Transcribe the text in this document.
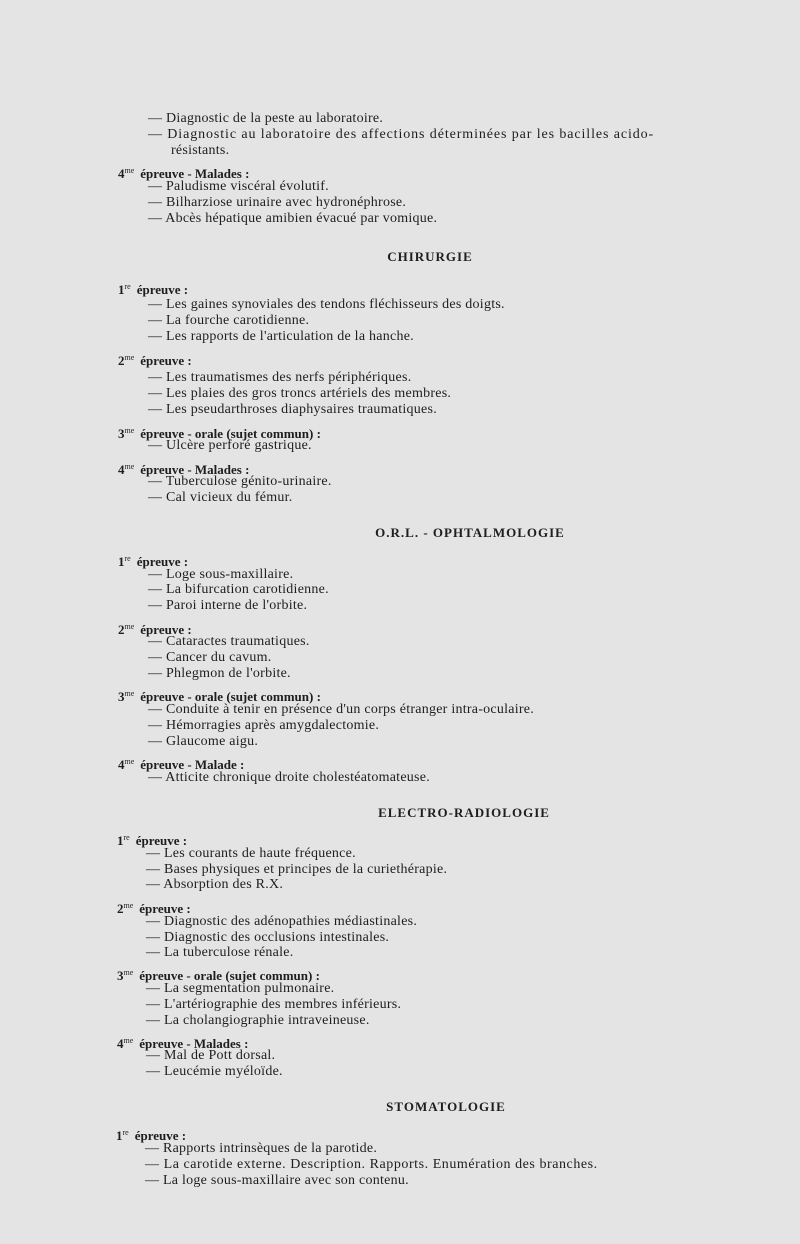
— Diagnostic de la peste au laboratoire.
— Diagnostic au laboratoire des affections déterminées par les bacilles acido-
résistants.
$4^{me}$ épreuve - Malades :
— Paludisme viscéral évolutif.
— Bilharziose urinaire avec hydronéphrose.
— Abcès hépatique amibien évacué par vomique.
CHIRURGIE
1re épreuve :
— Les gaines synoviales des tendons fléchisseurs des doigts.
— La fourche carotidienne.
— Les rapports de l'articulation de la hanche.
$2^{me}$ épreuve :
— Les traumatismes des nerfs périphériques.
— Les plaies des gros troncs artériels des membres.
— Les pseudarthroses diaphysaires traumatiques.
$3^{me}$ épreuve - orale (sujet commun) :
— Ulcère perforé gastrique.
$4^{me}$ épreuve - Malades :
— Tuberculose génito-urinaire.
— Cal vicieux du fémur.
O.R.L. - OPHTALMOLOGIE
1re épreuve :
— Loge sous-maxillaire.
— La bifurcation carotidienne.
— Paroi interne de l'orbite.
$2^{me}$ épreuve :
— Cataractes traumatiques.
— Cancer du cavum.
— Phlegmon de l'orbite.
$3^{me}$ épreuve - orale (sujet commun) :
— Conduite à tenir en présence d'un corps étranger intra-oculaire.
— Hémorragies après amygdalectomie.
— Glaucome aigu.
$4^{me}$ épreuve - Malade :
— Atticite chronique droite cholestéatomateuse.
ELECTRO-RADIOLOGIE
1re épreuve :
— Les courants de haute fréquence.
— Bases physiques et principes de la curiethérapie.
— Absorption des R.X.
$2^{me}$ épreuve :
— Diagnostic des adénopathies médiastinales.
— Diagnostic des occlusions intestinales.
— La tuberculose rénale.
$3^{me}$ épreuve - orale (sujet commun) :
— La segmentation pulmonaire.
— L'artériographie des membres inférieurs.
— La cholangiographie intraveineuse.
$4^{me}$ épreuve - Malades :
— Mal de Pott dorsal.
— Leucémie myéloïde.
STOMATOLOGIE
1re épreuve :
— Rapports intrinsèques de la parotide.
— La carotide externe. Description. Rapports. Enumération des branches.
— La loge sous-maxillaire avec son contenu.
